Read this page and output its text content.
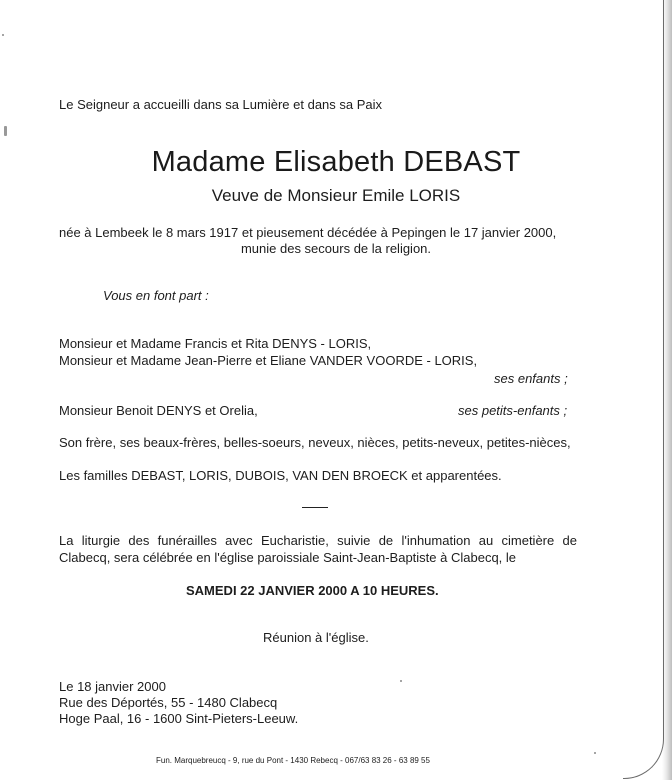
Le Seigneur a accueilli dans sa Lumière et dans sa Paix
Madame Elisabeth DEBAST
Veuve de Monsieur Emile LORIS
née à Lembeek le 8 mars 1917 et pieusement décédée à Pepingen le 17 janvier 2000,
munie des secours de la religion.
Vous en font part :
Monsieur et Madame Francis et Rita DENYS - LORIS,
Monsieur et Madame Jean-Pierre et Eliane VANDER VOORDE - LORIS,
ses enfants ;
Monsieur Benoit DENYS et Orelia,	ses petits-enfants ;
Son frère, ses beaux-frères, belles-soeurs, neveux, nièces, petits-neveux, petites-nièces,
Les familles DEBAST, LORIS, DUBOIS, VAN DEN BROECK et apparentées.
La liturgie des funérailles avec Eucharistie, suivie de l'inhumation au cimetière de Clabecq, sera célébrée en l'église paroissiale Saint-Jean-Baptiste à Clabecq, le
SAMEDI 22 JANVIER 2000 A 10 HEURES.
Réunion à l'église.
Le 18 janvier 2000
Rue des Déportés, 55 - 1480 Clabecq
Hoge Paal, 16 - 1600 Sint-Pieters-Leeuw.
Fun. Marquebreucq - 9, rue du Pont - 1430 Rebecq - 067/63 83 26 - 63 89 55
